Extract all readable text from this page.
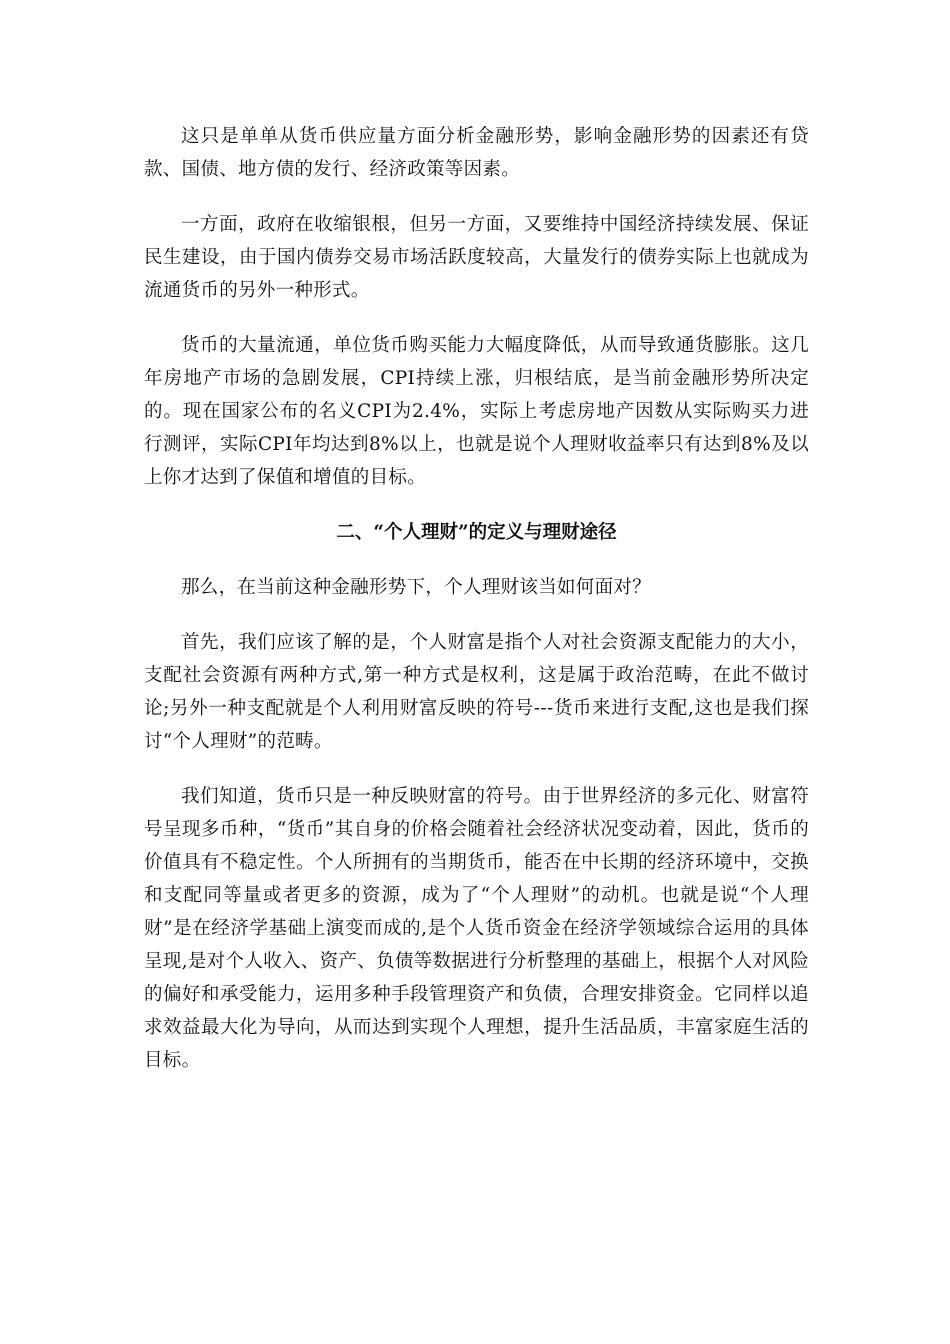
这只是单单从货币供应量方面分析金融形势，影响金融形势的因素还有贷款、国债、地方债的发行、经济政策等因素。

一方面，政府在收缩银根，但另一方面，又要维持中国经济持续发展、保证民生建设，由于国内债券交易市场活跃度较高，大量发行的债券实际上也就成为流通货币的另外一种形式。

货币的大量流通，单位货币购买能力大幅度降低，从而导致通货膨胀。这几年房地产市场的急剧发展，CPI持续上涨，归根结底，是当前金融形势所决定的。现在国家公布的名义CPI为2.4%，实际上考虑房地产因数从实际购买力进行测评，实际CPI年均达到8%以上，也就是说个人理财收益率只有达到8%及以上你才达到了保值和增值的目标。

二、“个人理财”的定义与理财途径

那么，在当前这种金融形势下，个人理财该当如何面对？

首先，我们应该了解的是，个人财富是指个人对社会资源支配能力的大小，支配社会资源有两种方式,第一种方式是权利，这是属于政治范畴，在此不做讨论;另外一种支配就是个人利用财富反映的符号---货币来进行支配,这也是我们探讨“个人理财”的范畴。

我们知道，货币只是一种反映财富的符号。由于世界经济的多元化、财富符号呈现多币种，“货币”其自身的价格会随着社会经济状况变动着，因此，货币的价值具有不稳定性。个人所拥有的当期货币，能否在中长期的经济环境中，交换和支配同等量或者更多的资源，成为了“个人理财”的动机。也就是说“个人理财”是在经济学基础上演变而成的,是个人货币资金在经济学领域综合运用的具体呈现,是对个人收入、资产、负债等数据进行分析整理的基础上，根据个人对风险的偏好和承受能力，运用多种手段管理资产和负债，合理安排资金。它同样以追求效益最大化为导向，从而达到实现个人理想，提升生活品质，丰富家庭生活的目标。
